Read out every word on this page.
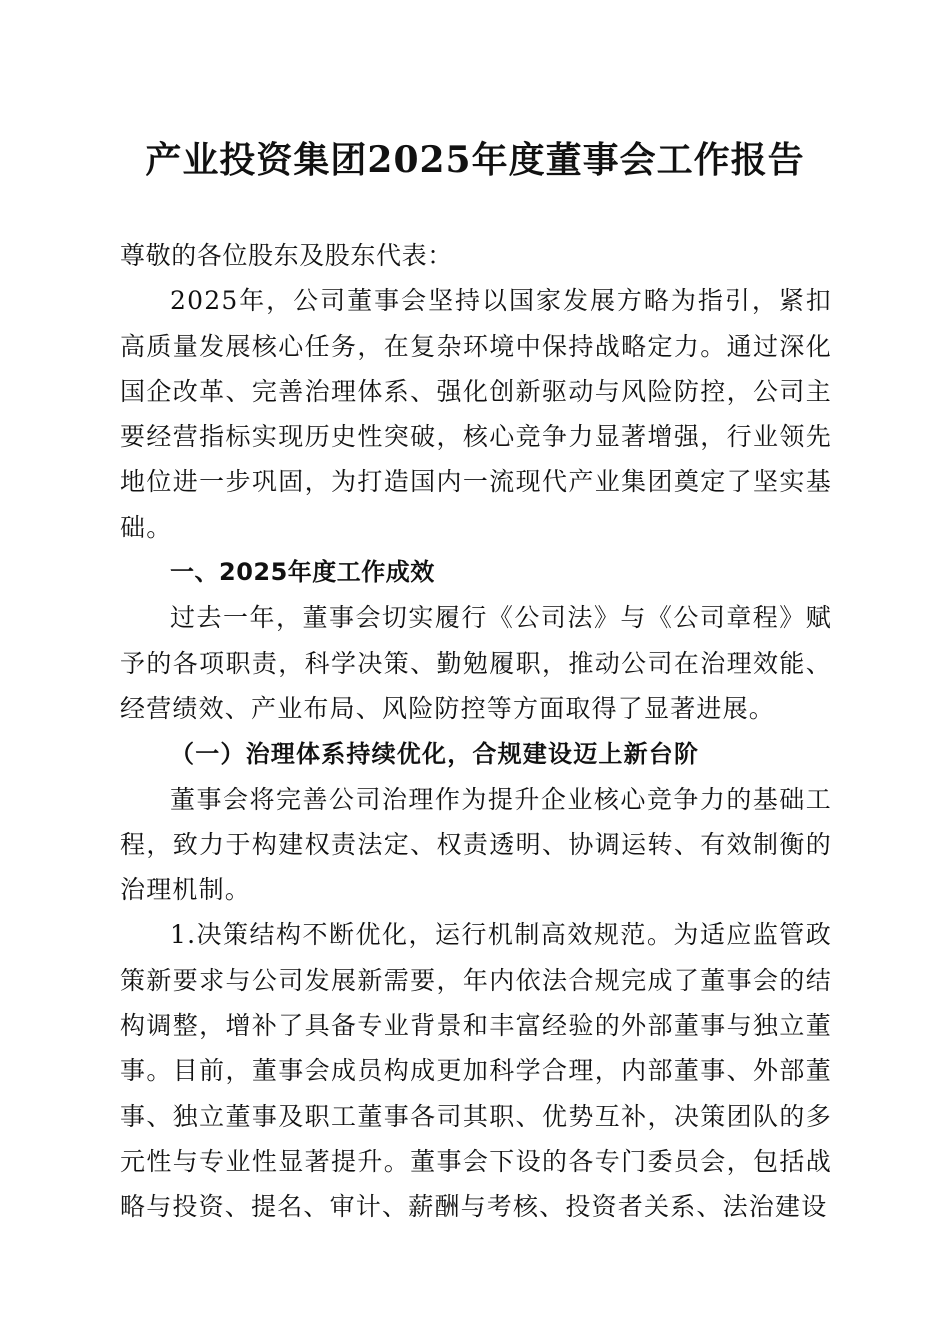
产业投资集团2025年度董事会工作报告

尊敬的各位股东及股东代表：

2025年，公司董事会坚持以国家发展方略为指引，紧扣高质量发展核心任务，在复杂环境中保持战略定力。通过深化国企改革、完善治理体系、强化创新驱动与风险防控，公司主要经营指标实现历史性突破，核心竞争力显著增强，行业领先地位进一步巩固，为打造国内一流现代产业集团奠定了坚实基础。

一、2025年度工作成效

过去一年，董事会切实履行《公司法》与《公司章程》赋予的各项职责，科学决策、勤勉履职，推动公司在治理效能、经营绩效、产业布局、风险防控等方面取得了显著进展。

（一）治理体系持续优化，合规建设迈上新台阶

董事会将完善公司治理作为提升企业核心竞争力的基础工程，致力于构建权责法定、权责透明、协调运转、有效制衡的治理机制。

1.决策结构不断优化，运行机制高效规范。为适应监管政策新要求与公司发展新需要，年内依法合规完成了董事会的结构调整，增补了具备专业背景和丰富经验的外部董事与独立董事。目前，董事会成员构成更加科学合理，内部董事、外部董事、独立董事及职工董事各司其职、优势互补，决策团队的多元性与专业性显著提升。董事会下设的各专门委员会，包括战略与投资、提名、审计、薪酬与考核、投资者关系、法治建设
